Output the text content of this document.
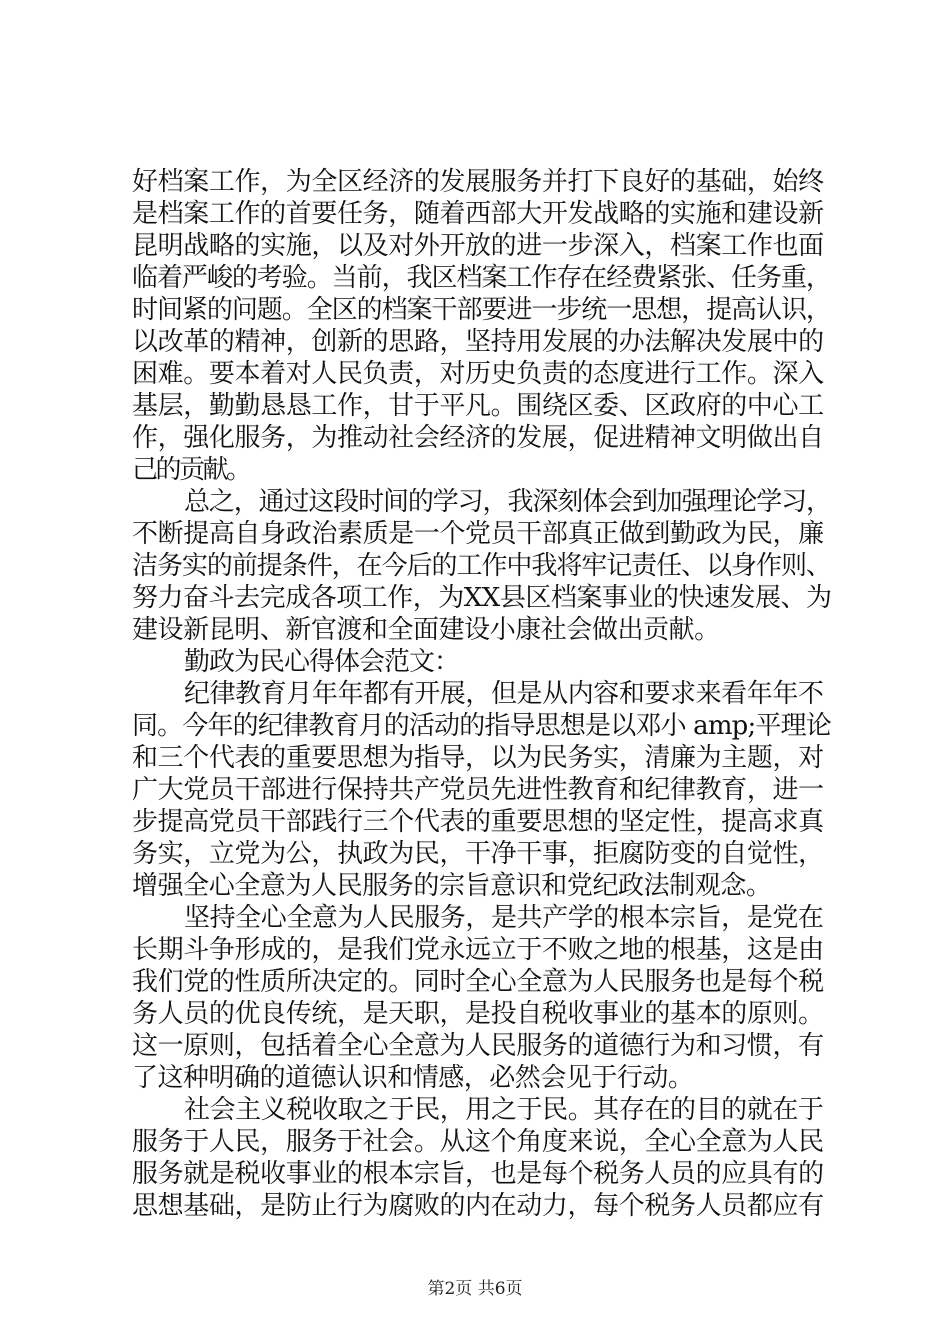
好档案工作，为全区经济的发展服务并打下良好的基础，始终
是档案工作的首要任务，随着西部大开发战略的实施和建设新
昆明战略的实施，以及对外开放的进一步深入，档案工作也面
临着严峻的考验。当前，我区档案工作存在经费紧张、任务重，
时间紧的问题。全区的档案干部要进一步统一思想，提高认识，
以改革的精神，创新的思路，坚持用发展的办法解决发展中的
困难。要本着对人民负责，对历史负责的态度进行工作。深入
基层，勤勤恳恳工作，甘于平凡。围绕区委、区政府的中心工
作，强化服务，为推动社会经济的发展，促进精神文明做出自
己的贡献。
总之，通过这段时间的学习，我深刻体会到加强理论学习，
不断提高自身政治素质是一个党员干部真正做到勤政为民，廉
洁务实的前提条件，在今后的工作中我将牢记责任、以身作则、
努力奋斗去完成各项工作，为XX县区档案事业的快速发展、为
建设新昆明、新官渡和全面建设小康社会做出贡献。
勤政为民心得体会范文：
纪律教育月年年都有开展，但是从内容和要求来看年年不
同。今年的纪律教育月的活动的指导思想是以邓小 amp;平理论
和三个代表的重要思想为指导，以为民务实，清廉为主题，对
广大党员干部进行保持共产党员先进性教育和纪律教育，进一
步提高党员干部践行三个代表的重要思想的坚定性，提高求真
务实，立党为公，执政为民，干净干事，拒腐防变的自觉性，
增强全心全意为人民服务的宗旨意识和党纪政法制观念。
坚持全心全意为人民服务，是共产学的根本宗旨，是党在
长期斗争形成的，是我们党永远立于不败之地的根基，这是由
我们党的性质所决定的。同时全心全意为人民服务也是每个税
务人员的优良传统，是天职，是投自税收事业的基本的原则。
这一原则，包括着全心全意为人民服务的道德行为和习惯，有
了这种明确的道德认识和情感，必然会见于行动。
社会主义税收取之于民，用之于民。其存在的目的就在于
服务于人民，服务于社会。从这个角度来说，全心全意为人民
服务就是税收事业的根本宗旨，也是每个税务人员的应具有的
思想基础，是防止行为腐败的内在动力，每个税务人员都应有
第2页 共6页
